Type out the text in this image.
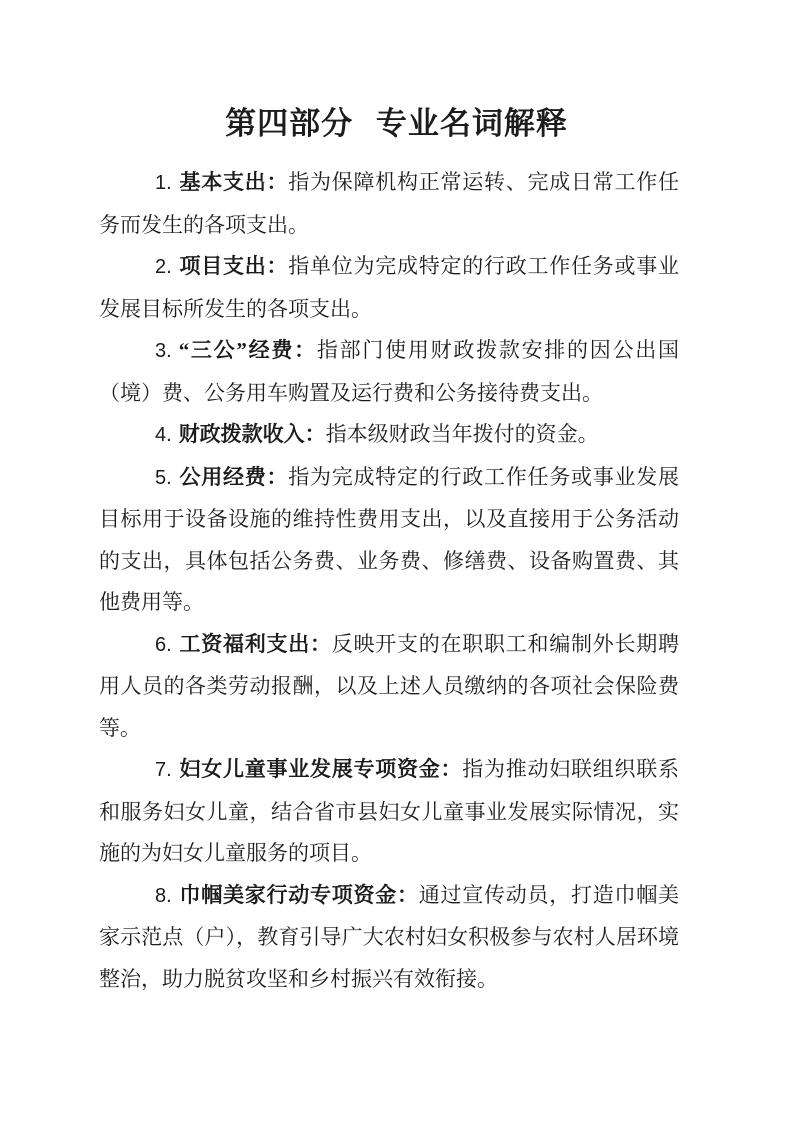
第四部分 专业名词解释

1. 基本支出：指为保障机构正常运转、完成日常工作任务而发生的各项支出。

2. 项目支出：指单位为完成特定的行政工作任务或事业发展目标所发生的各项支出。

3. “三公”经费：指部门使用财政拨款安排的因公出国（境）费、公务用车购置及运行费和公务接待费支出。

4. 财政拨款收入：指本级财政当年拨付的资金。

5. 公用经费：指为完成特定的行政工作任务或事业发展目标用于设备设施的维持性费用支出，以及直接用于公务活动的支出，具体包括公务费、业务费、修缮费、设备购置费、其他费用等。

6. 工资福利支出：反映开支的在职职工和编制外长期聘用人员的各类劳动报酬，以及上述人员缴纳的各项社会保险费等。

7. 妇女儿童事业发展专项资金：指为推动妇联组织联系和服务妇女儿童，结合省市县妇女儿童事业发展实际情况，实施的为妇女儿童服务的项目。

8. 巾帼美家行动专项资金：通过宣传动员，打造巾帼美家示范点（户），教育引导广大农村妇女积极参与农村人居环境整治，助力脱贫攻坚和乡村振兴有效衔接。
